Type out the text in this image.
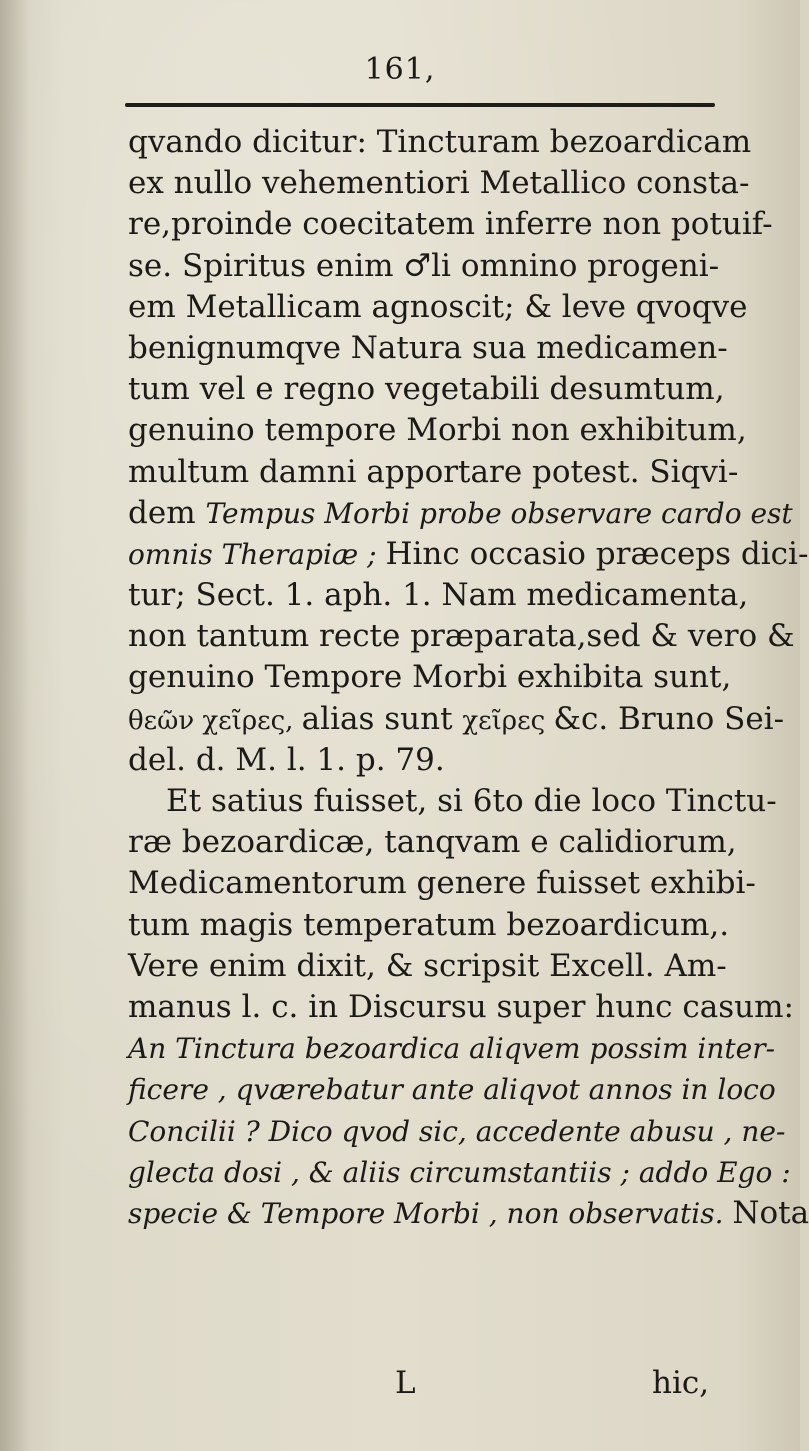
161,
qvando dicitur: Tincturam bezoardicam
ex nullo vehementiori Metallico consta-
re,proinde coecitatem inferre non potuif-
se. Spiritus enim ♂li omnino progeni-
em Metallicam agnoscit; & leve qvoqve
benignumqve Natura sua medicamen-
tum vel e regno vegetabili desumtum,
genuino tempore Morbi non exhibitum,
multum damni apportare potest. Siqvi-
dem Tempus Morbi probe observare cardo est
omnis Therapiæ ; Hinc occasio præceps dici-
tur; Sect. 1. aph. 1. Nam medicamenta,
non tantum recte præparata,sed & vero &
genuino Tempore Morbi exhibita sunt,
θεῶν χεῖρες, alias sunt χεῖρες &c. Bruno Sei-
del. d. M. l. 1. p. 79.
Et satius fuisset, si 6to die loco Tinctu-
ræ bezoardicæ, tanqvam e calidiorum,
Medicamentorum genere fuisset exhibi-
tum magis temperatum bezoardicum,.
Vere enim dixit, & scripsit Excell. Am-
manus l. c. in Discursu super hunc casum:
An Tinctura bezoardica aliqvem possim inter-
ficere , qværebatur ante aliqvot annos in loco
Concilii ? Dico qvod sic, accedente abusu , ne-
glecta dosi , & aliis circumstantiis ; addo Ego :
specie & Tempore Morbi , non observatis. Nota
L	hic,
